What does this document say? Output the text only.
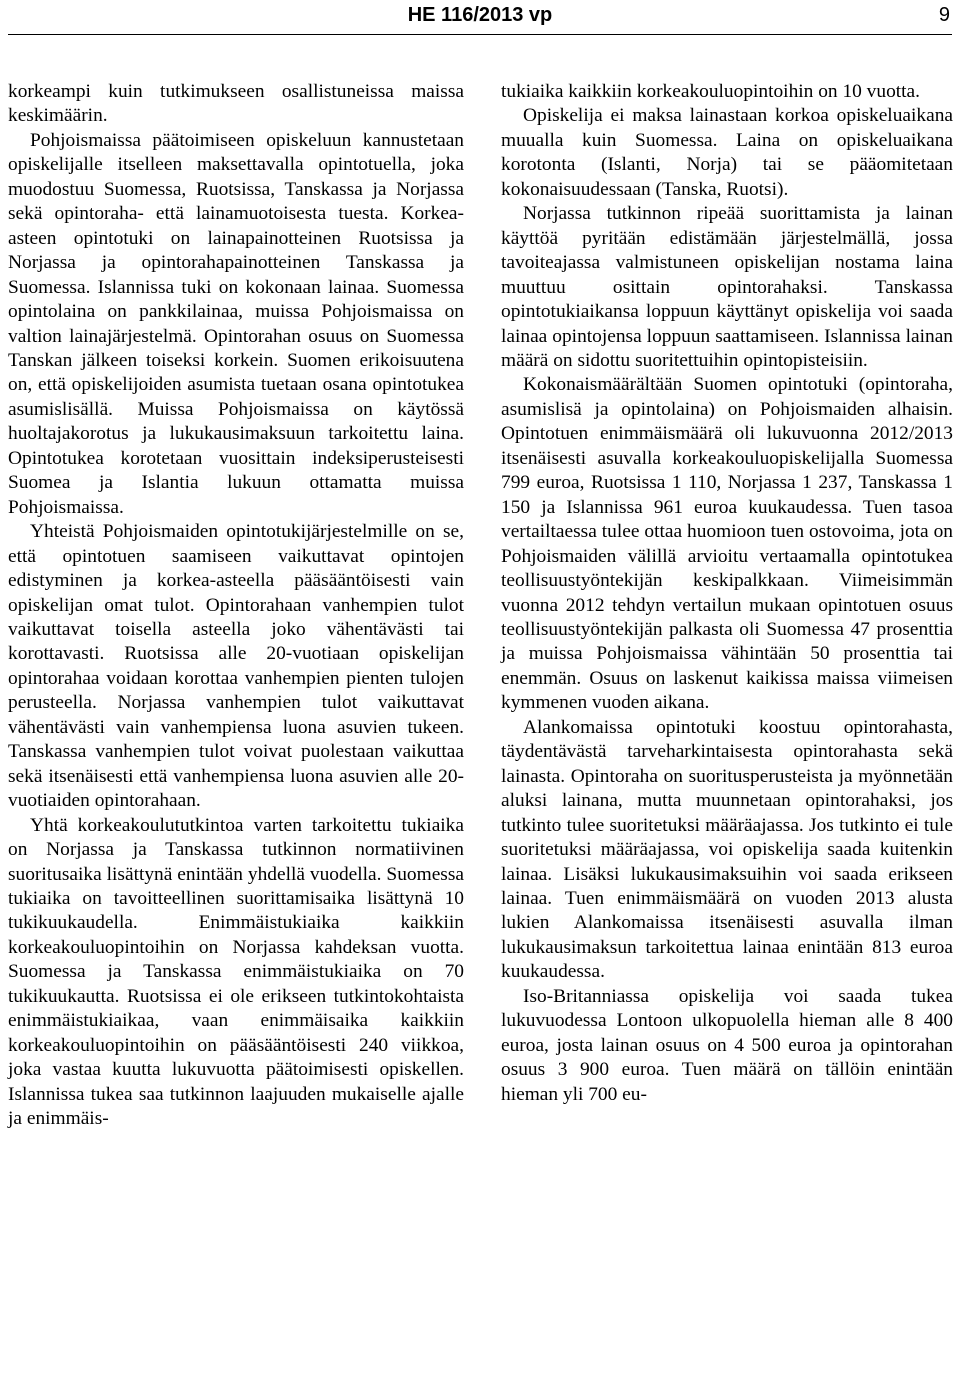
HE 116/2013 vp	9

korkeampi kuin tutkimukseen osallistuneissa maissa keskimäärin.

Pohjoismaissa päätoimiseen opiskeluun kannustetaan opiskelijalle itselleen maksettavalla opintotuella, joka muodostuu Suomessa, Ruotsissa, Tanskassa ja Norjassa sekä opintoraha- että lainamuotoisesta tuesta. Korkea-asteen opintotuki on lainapainotteinen Ruotsissa ja Norjassa ja opintorahapainotteinen Tanskassa ja Suomessa. Islannissa tuki on kokonaan lainaa. Suomessa opintolaina on pankkilainaa, muissa Pohjoismaissa on valtion lainajärjestelmä. Opintorahan osuus on Suomessa Tanskan jälkeen toiseksi korkein. Suomen erikoisuutena on, että opiskelijoiden asumista tuetaan osana opintotukea asumislisällä. Muissa Pohjoismaissa on käytössä huoltajakorotus ja lukukausimaksuun tarkoitettu laina. Opintotukea korotetaan vuosittain indeksiperusteisesti Suomea ja Islantia lukuun ottamatta muissa Pohjoismaissa.

Yhteistä Pohjoismaiden opintotukijärjestelmille on se, että opintotuen saamiseen vaikuttavat opintojen edistyminen ja korkea-asteella pääsääntöisesti vain opiskelijan omat tulot. Opintorahaan vanhempien tulot vaikuttavat toisella asteella joko vähentävästi tai korottavasti. Ruotsissa alle 20-vuotiaan opiskelijan opintorahaa voidaan korottaa vanhempien pienten tulojen perusteella. Norjassa vanhempien tulot vaikuttavat vähentävästi vain vanhempiensa luona asuvien tukeen. Tanskassa vanhempien tulot voivat puolestaan vaikuttaa sekä itsenäisesti että vanhempiensa luona asuvien alle 20-vuotiaiden opintorahaan.

Yhtä korkeakoulututkintoa varten tarkoitettu tukiaika on Norjassa ja Tanskassa tutkinnon normatiivinen suoritusaika lisättynä enintään yhdellä vuodella. Suomessa tukiaika on tavoitteellinen suorittamisaika lisättynä 10 tukikuukaudella. Enimmäistukiaika kaikkiin korkeakouluopintoihin on Norjassa kahdeksan vuotta. Suomessa ja Tanskassa enimmäistukiaika on 70 tukikuukautta. Ruotsissa ei ole erikseen tutkintokohtaista enimmäistukiaikaa, vaan enimmäisaika kaikkiin korkeakouluopintoihin on pääsääntöisesti 240 viikkoa, joka vastaa kuutta lukuvuotta päätoimisesti opiskellen. Islannissa tukea saa tutkinnon laajuuden mukaiselle ajalle ja enimmäis-

tukiaika kaikkiin korkeakouluopintoihin on 10 vuotta.

Opiskelija ei maksa lainastaan korkoa opiskeluaikana muualla kuin Suomessa. Laina on opiskeluaikana korotonta (Islanti, Norja) tai se pääomitetaan kokonaisuudessaan (Tanska, Ruotsi).

Norjassa tutkinnon ripeää suorittamista ja lainan käyttöä pyritään edistämään järjestelmällä, jossa tavoiteajassa valmistuneen opiskelijan nostama laina muuttuu osittain opintorahaksi. Tanskassa opintotukiaikansa loppuun käyttänyt opiskelija voi saada lainaa opintojensa loppuun saattamiseen. Islannissa lainan määrä on sidottu suoritettuihin opintopisteisiin.

Kokonaismäärältään Suomen opintotuki (opintoraha, asumislisä ja opintolaina) on Pohjoismaiden alhaisin. Opintotuen enimmäismäärä oli lukuvuonna 2012/2013 itsenäisesti asuvalla korkeakouluopiskelijalla Suomessa 799 euroa, Ruotsissa 1 110, Norjassa 1 237, Tanskassa 1 150 ja Islannissa 961 euroa kuukaudessa. Tuen tasoa vertailtaessa tulee ottaa huomioon tuen ostovoima, jota on Pohjoismaiden välillä arvioitu vertaamalla opintotukea teollisuustyöntekijän keskipalkkaan. Viimeisimmän vuonna 2012 tehdyn vertailun mukaan opintotuen osuus teollisuustyöntekijän palkasta oli Suomessa 47 prosenttia ja muissa Pohjoismaissa vähintään 50 prosenttia tai enemmän. Osuus on laskenut kaikissa maissa viimeisen kymmenen vuoden aikana.

Alankomaissa opintotuki koostuu opintorahasta, täydentävästä tarveharkintaisesta opintorahasta sekä lainasta. Opintoraha on suoritusperusteista ja myönnetään aluksi lainana, mutta muunnetaan opintorahaksi, jos tutkinto tulee suoritetuksi määräajassa. Jos tutkinto ei tule suoritetuksi määräajassa, voi opiskelija saada kuitenkin lainaa. Lisäksi lukukausimaksuihin voi saada erikseen lainaa. Tuen enimmäismäärä on vuoden 2013 alusta lukien Alankomaissa itsenäisesti asuvalla ilman lukukausimaksun tarkoitettua lainaa enintään 813 euroa kuukaudessa.

Iso-Britanniassa opiskelija voi saada tukea lukuvuodessa Lontoon ulkopuolella hieman alle 8 400 euroa, josta lainan osuus on 4 500 euroa ja opintorahan osuus 3 900 euroa. Tuen määrä on tällöin enintään hieman yli 700 eu-
